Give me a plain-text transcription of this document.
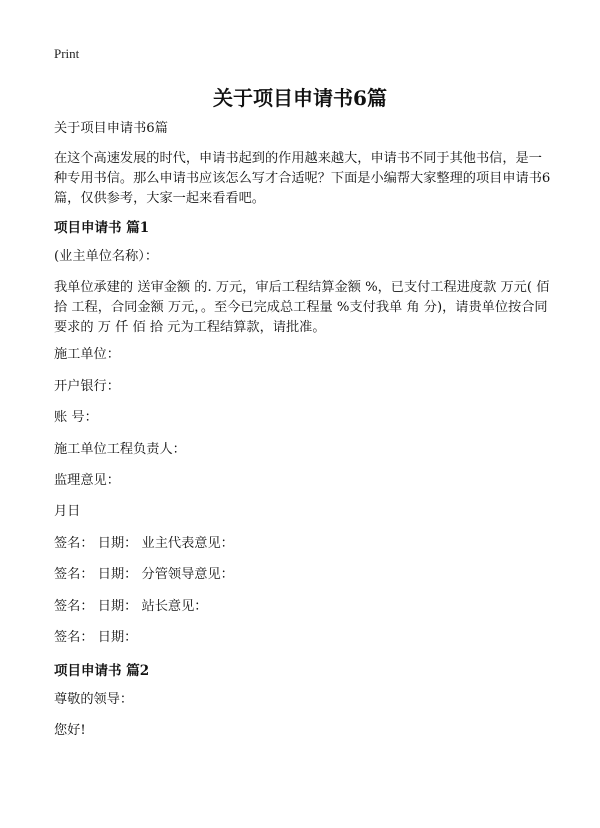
Print
关于项目申请书6篇

关于项目申请书6篇

在这个高速发展的时代，申请书起到的作用越来越大，申请书不同于其他书信，是一种专用书信。那么申请书应该怎么写才合适呢？下面是小编帮大家整理的项目申请书6篇，仅供参考，大家一起来看看吧。

项目申请书 篇1

(业主单位名称）：

我单位承建的 送审金额 的. 万元，审后工程结算金额 %，已支付工程进度款 万元( 佰 拾 工程，合同金额 万元，。至今已完成总工程量 %支付我单 角 分)，请贵单位按合同要求的 万 仟 佰 拾 元为工程结算款，请批准。

施工单位：

开户银行：

账 号：

施工单位工程负责人：

监理意见：

月日

签名： 日期： 业主代表意见：

签名： 日期： 分管领导意见：

签名： 日期： 站长意见：

签名： 日期：

项目申请书 篇2

尊敬的领导：

您好!
